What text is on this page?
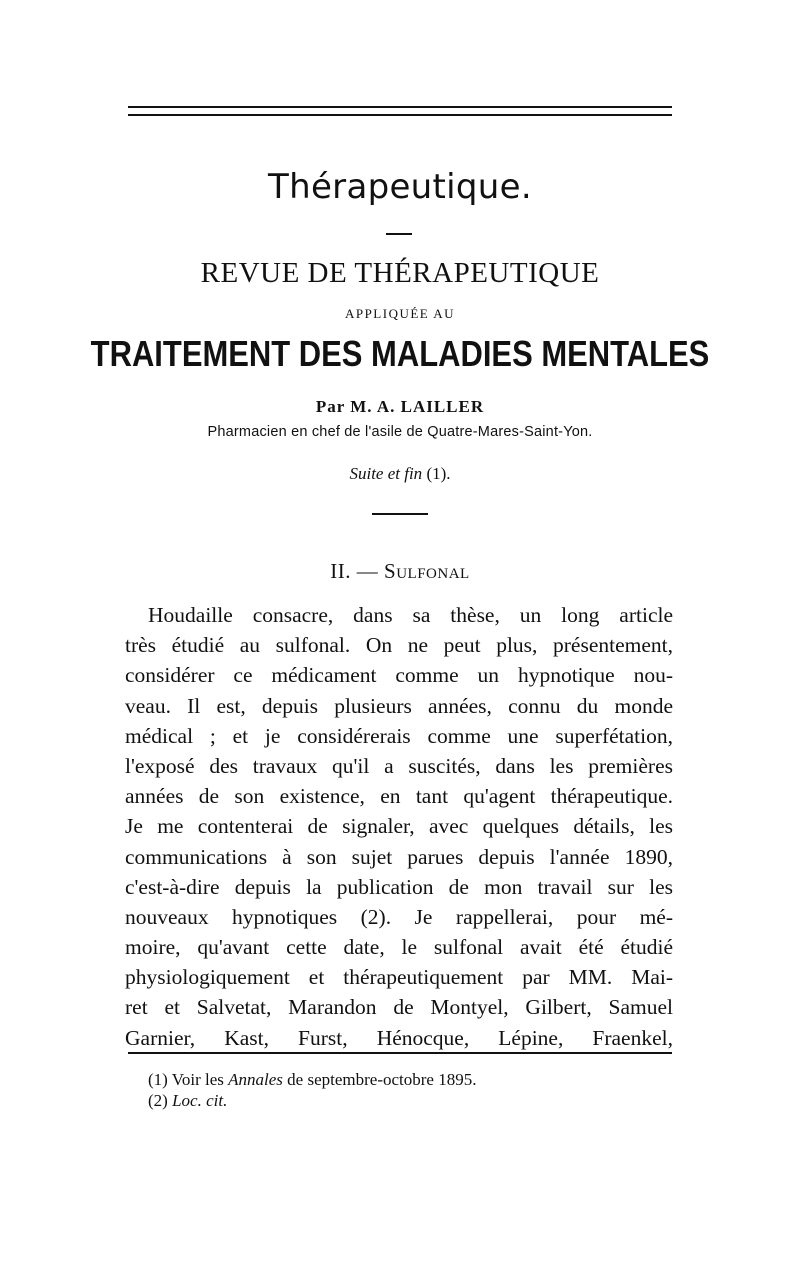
Thérapeutique.
REVUE DE THÉRAPEUTIQUE
APPLIQUÉE AU
TRAITEMENT DES MALADIES MENTALES
Par M. A. LAILLER
Pharmacien en chef de l'asile de Quatre-Mares-Saint-Yon.
Suite et fin (1).
II. — Sulfonal
Houdaille consacre, dans sa thèse, un long article
très étudié au sulfonal. On ne peut plus, présentement,
considérer ce médicament comme un hypnotique nou-
veau. Il est, depuis plusieurs années, connu du monde
médical ; et je considérerais comme une superfétation,
l'exposé des travaux qu'il a suscités, dans les premières
années de son existence, en tant qu'agent thérapeutique.
Je me contenterai de signaler, avec quelques détails, les
communications à son sujet parues depuis l'année 1890,
c'est-à-dire depuis la publication de mon travail sur les
nouveaux hypnotiques (2). Je rappellerai, pour mé-
moire, qu'avant cette date, le sulfonal avait été étudié
physiologiquement et thérapeutiquement par MM. Mai-
ret et Salvetat, Marandon de Montyel, Gilbert, Samuel
Garnier, Kast, Furst, Hénocque, Lépine, Fraenkel,
(1) Voir les Annales de septembre-octobre 1895.
(2) Loc. cit.
